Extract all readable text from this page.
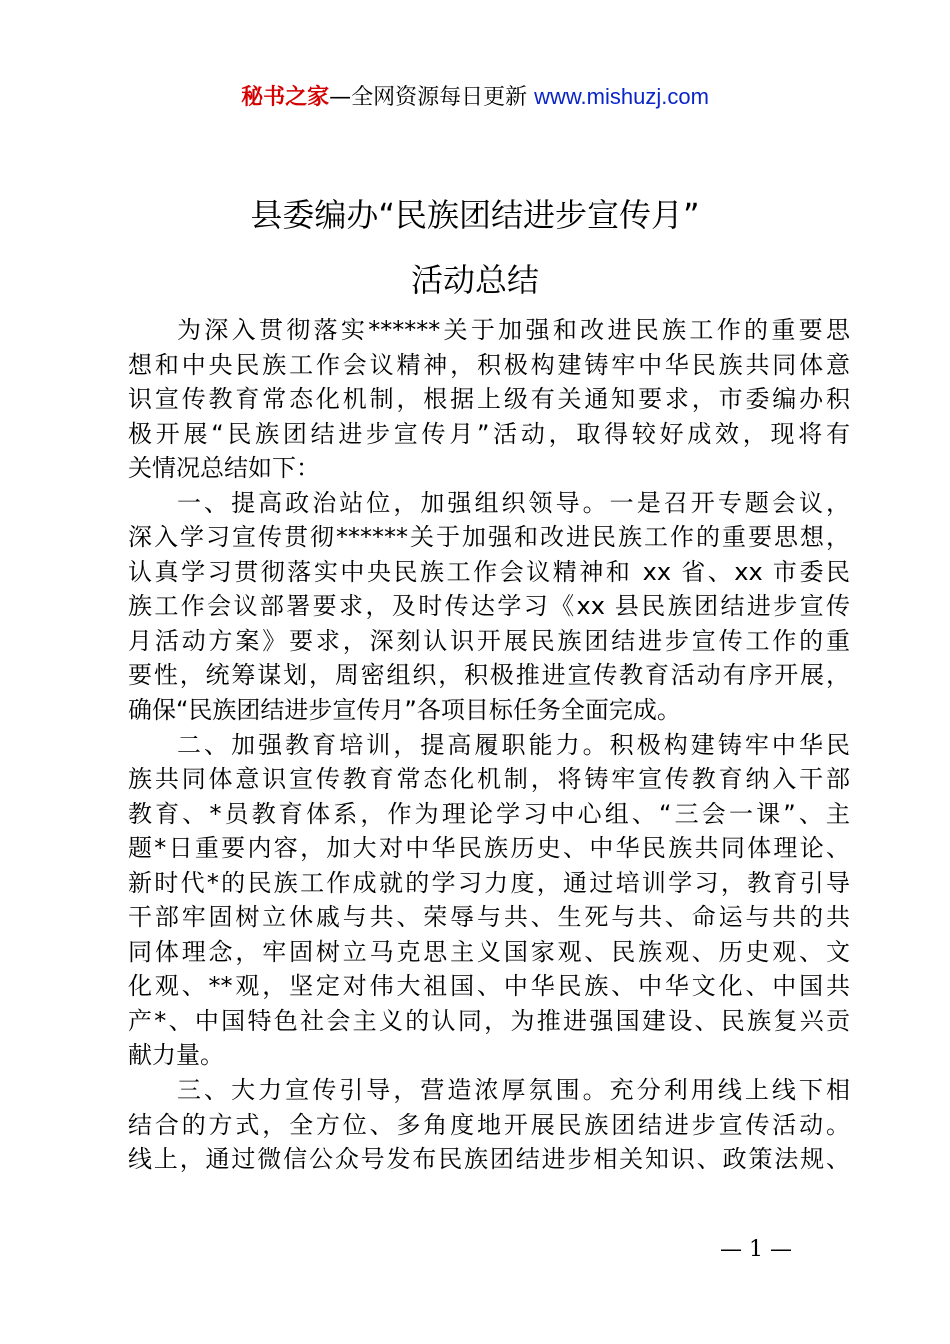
秘书之家—全网资源每日更新 www.mishuzj.com
县委编办“民族团结进步宣传月”
活动总结
为深入贯彻落实******关于加强和改进民族工作的重要思
想和中央民族工作会议精神，积极构建铸牢中华民族共同体意
识宣传教育常态化机制，根据上级有关通知要求，市委编办积
极开展“民族团结进步宣传月”活动，取得较好成效，现将有
关情况总结如下：
一、提高政治站位，加强组织领导。一是召开专题会议，
深入学习宣传贯彻******关于加强和改进民族工作的重要思想，
认真学习贯彻落实中央民族工作会议精神和 xx 省、xx 市委民
族工作会议部署要求，及时传达学习《xx 县民族团结进步宣传
月活动方案》要求，深刻认识开展民族团结进步宣传工作的重
要性，统筹谋划，周密组织，积极推进宣传教育活动有序开展，
确保“民族团结进步宣传月”各项目标任务全面完成。
二、加强教育培训，提高履职能力。积极构建铸牢中华民
族共同体意识宣传教育常态化机制，将铸牢宣传教育纳入干部
教育、*员教育体系，作为理论学习中心组、“三会一课”、主
题*日重要内容，加大对中华民族历史、中华民族共同体理论、
新时代*的民族工作成就的学习力度，通过培训学习，教育引导
干部牢固树立休戚与共、荣辱与共、生死与共、命运与共的共
同体理念，牢固树立马克思主义国家观、民族观、历史观、文
化观、**观，坚定对伟大祖国、中华民族、中华文化、中国共
产*、中国特色社会主义的认同，为推进强国建设、民族复兴贡
献力量。
三、大力宣传引导，营造浓厚氛围。充分利用线上线下相
结合的方式，全方位、多角度地开展民族团结进步宣传活动。
线上，通过微信公众号发布民族团结进步相关知识、政策法规、
— 1 —
